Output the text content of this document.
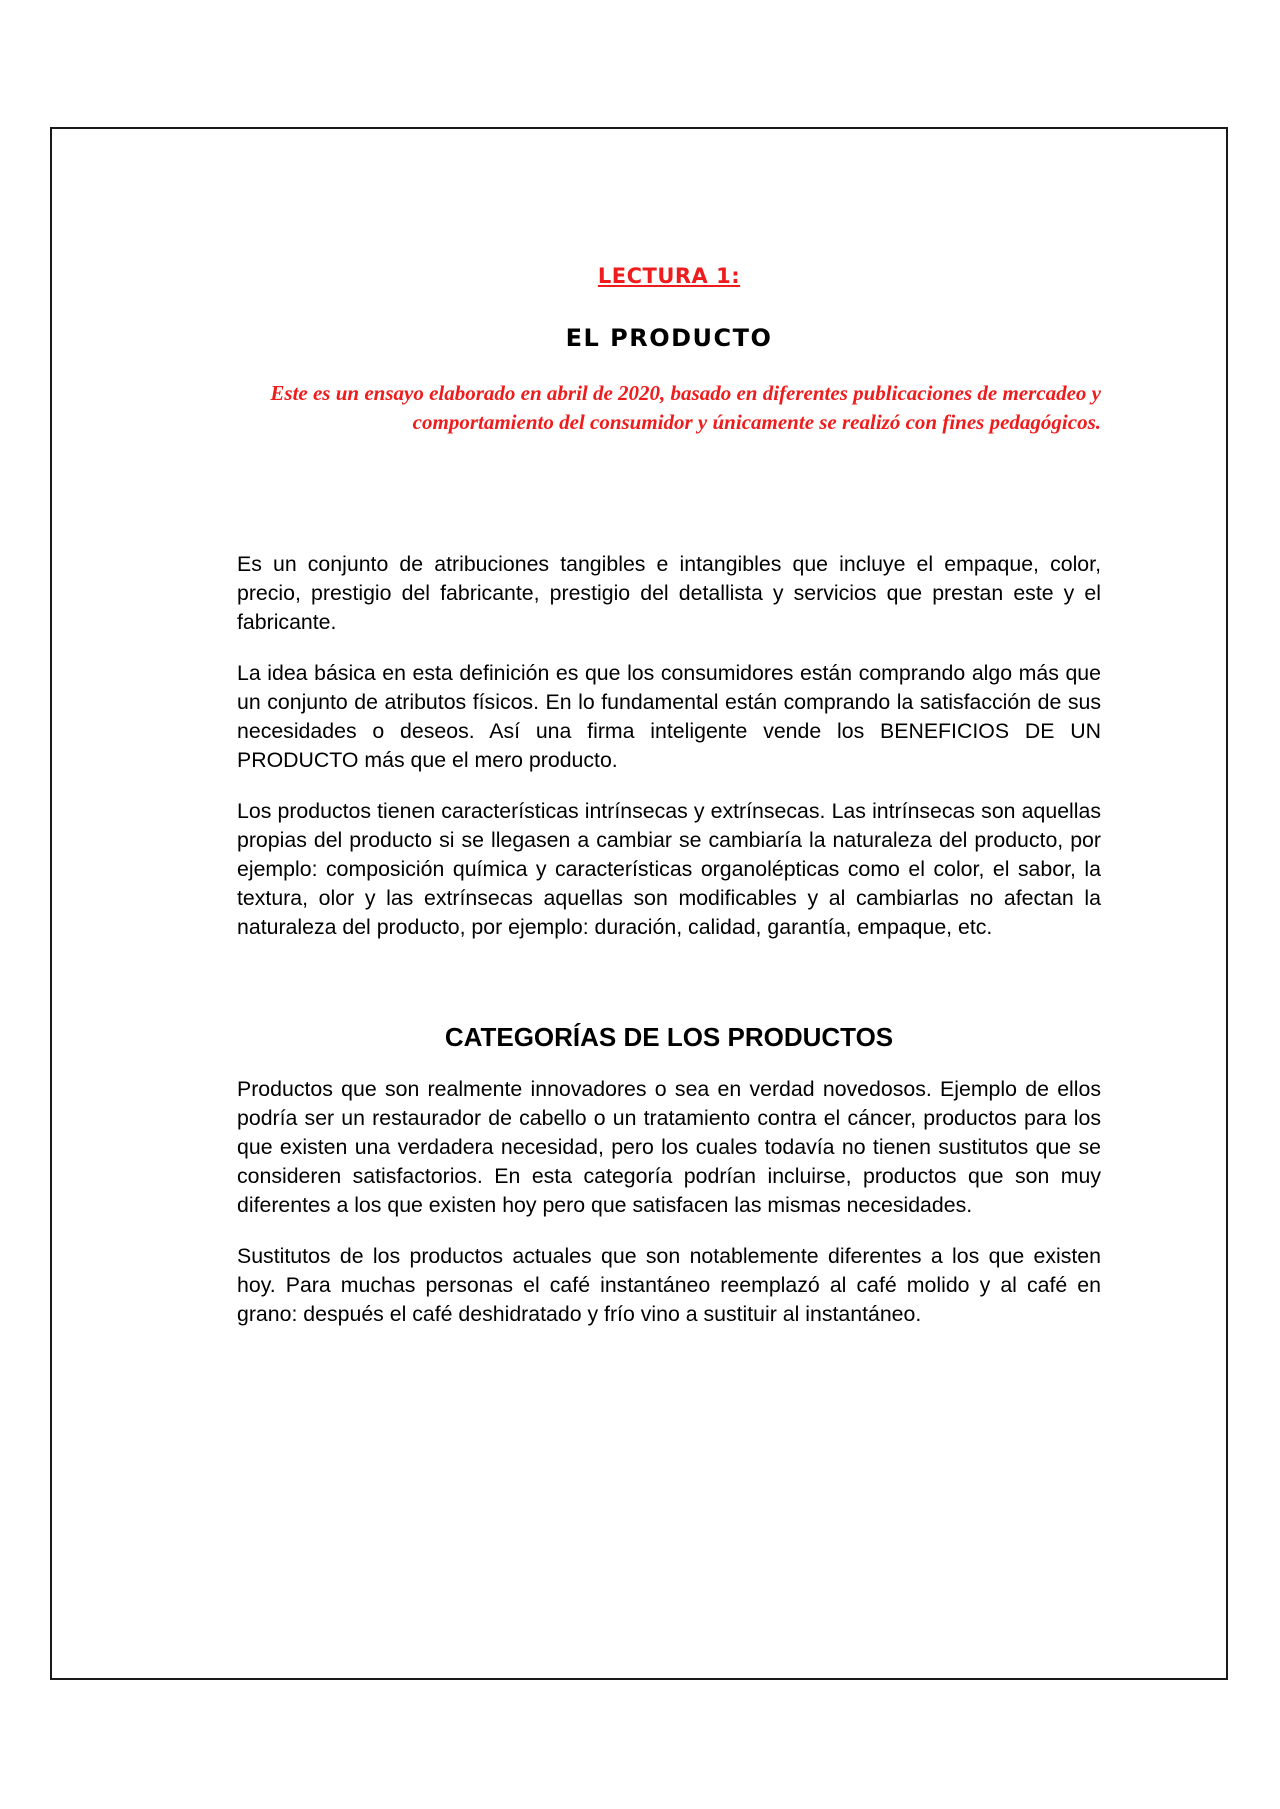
LECTURA 1:
EL PRODUCTO
Este es un ensayo elaborado en abril de 2020, basado en diferentes publicaciones de mercadeo y comportamiento del consumidor y únicamente se realizó con fines pedagógicos.

Es un conjunto de atribuciones tangibles e intangibles que incluye el empaque, color, precio, prestigio del fabricante, prestigio del detallista y servicios que prestan este y el fabricante.

La idea básica en esta definición es que los consumidores están comprando algo más que un conjunto de atributos físicos. En lo fundamental están comprando la satisfacción de sus necesidades o deseos. Así una firma inteligente vende los BENEFICIOS DE UN PRODUCTO más que el mero producto.

Los productos tienen características intrínsecas y extrínsecas. Las intrínsecas son aquellas propias del producto si se llegasen a cambiar se cambiaría la naturaleza del producto, por ejemplo: composición química y características organolépticas como el color, el sabor, la textura, olor y las extrínsecas aquellas son modificables y al cambiarlas no afectan la naturaleza del producto, por ejemplo: duración, calidad, garantía, empaque, etc.

CATEGORÍAS DE LOS PRODUCTOS

Productos que son realmente innovadores o sea en verdad novedosos. Ejemplo de ellos podría ser un restaurador de cabello o un tratamiento contra el cáncer, productos para los que existen una verdadera necesidad, pero los cuales todavía no tienen sustitutos que se consideren satisfactorios. En esta categoría podrían incluirse, productos que son muy diferentes a los que existen hoy pero que satisfacen las mismas necesidades.

Sustitutos de los productos actuales que son notablemente diferentes a los que existen hoy. Para muchas personas el café instantáneo reemplazó al café molido y al café en grano: después el café deshidratado y frío vino a sustituir al instantáneo.
